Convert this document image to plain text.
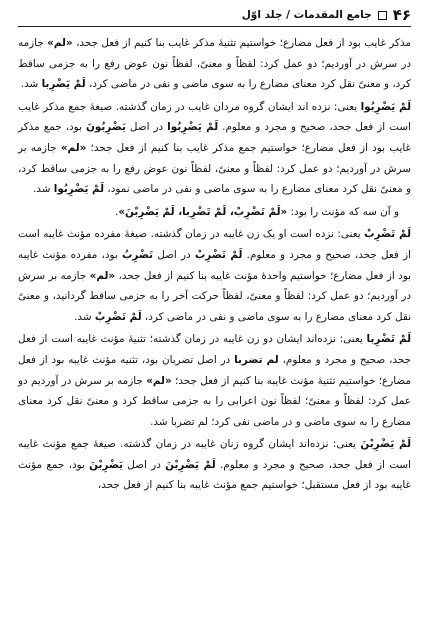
۴۶
جامع المقدمات / جلد اوّل

مذکر غایب بود از فعل مضارع؛ خواستیم تثنیهٔ مذکر غایب بنا کنیم از فعل جحد، «لم» جازمه در سرش در آوردیم؛ دو عمل کرد: لفظاً و معنیً، لفظاً نون عوض رفع را به جزمی ساقط کرد، و معنیً نقل کرد معنای مضارع را به سوی ماضی و نفی در ماضی کرد، لَمْ یَضْرِبا شد.

لَمْ یَضْرِبُوا یعنی: نزده اند ایشان گروه مردان غایب در زمان گذشته. صیغهٔ جمع مذکر غایب است از فعل جحد، صحیح و مجرد و معلوم. لَمْ یَضْرِبُوا در اصل یَضْرِبُونَ بود، جمع مذکر غایب بود از فعل مضارع؛ خواستیم جمع مذکر غایب بنا کنیم از فعل جحد؛ «لم» جازمه بر سرش در آوردیم؛ دو عمل کرد: لفظاً و معنیً، لفظاً نون عوض رفع را به جزمی ساقط کرد، و معنیً نقل کرد معنای مضارع را به سوی ماضی و نفی در ماضی نمود، لَمْ یَضْرِبُوا شد.

و آن سه که مؤنث را بود: «لَمْ تَضْرِبْ، لَمْ تَضْرِبا، لَمْ یَضْرِبْنَ».

لَمْ تَضْرِبْ یعنی: نزده است او یک زن غایبه در زمان گذشته. صیغهٔ مفرده مؤنث غایبه است از فعل جحد، صحیح و مجرد و معلوم. لَمْ تَضْرِبْ در اصل تَضْرِبُ بود، مفرده مؤنث غایبه بود از فعل مضارع؛ خواستیم واحدهٔ مؤنث غایبه بنا کنیم از فعل جحد، «لم» جازمه بر سرش در آوردیم؛ دو عمل کرد: لفظاً و معنیً، لفظاً حرکت آخر را به جزمی ساقط گردانید، و معنیً نقل کرد معنای مضارع را به سوی ماضی و نفی در ماضی کرد، لَمْ تَضْرِبْ شد.

لَمْ تَضْرِبا یعنی: نزده‌اند ایشان دو زن غایبه در زمان گذشته؛ تثنیهٔ مؤنث غایبه است از فعل جحد، صحیح و مجرد و معلوم، لم تضربا در اصل تضربان بود، تثنیه مؤنث غایبه بود از فعل مضارع؛ خواستیم تثنیهٔ مؤنث غایبه بنا کنیم از فعل جحد؛ «لم» جازمه بر سرش در آوردیم دو عمل کرد: لفظاً و معنیً؛ لفظاً نون اعرابی را به جزمی ساقط کرد و معنیً نقل کرد معنای مضارع را به سوی ماضی و در ماضی نفی کرد؛ لم تضربا شد.

لَمْ یَضْرِبْنَ یعنی: نزده‌اند ایشان گروه زنان غایبه در زمان گذشته. صیغهٔ جمع مؤنث غایبه است از فعل جحد، صحیح و مجرد و معلوم. لَمْ یَضْرِبْنَ در اصل یَضْرِبْنَ بود، جمع مؤنث غایبه بود از فعل مستقبل؛ خواستیم جمع مؤنث غایبه بنا کنیم از فعل جحد،
